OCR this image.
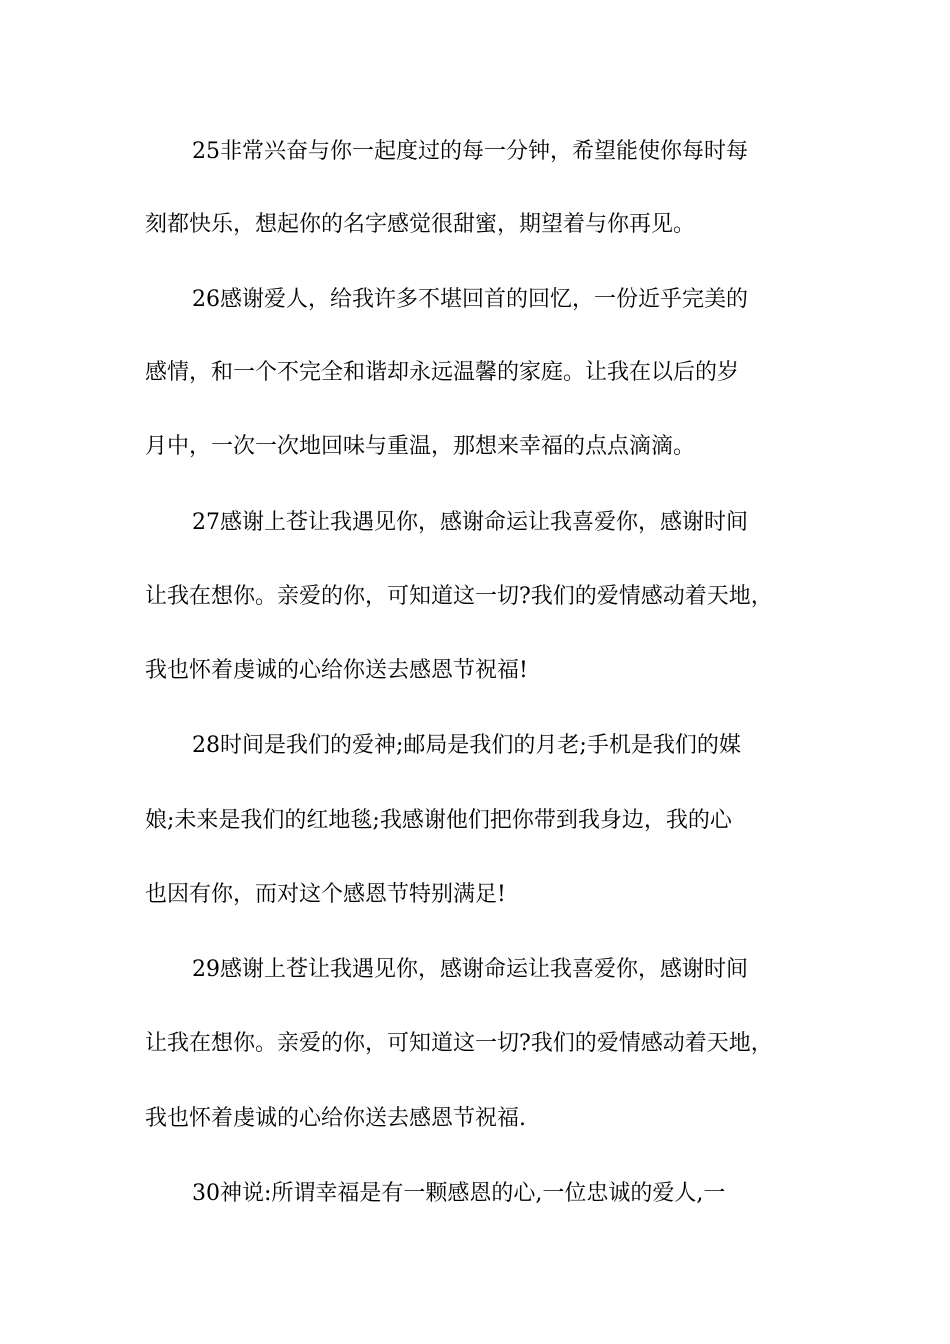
25非常兴奋与你一起度过的每一分钟，希望能使你每时每

刻都快乐，想起你的名字感觉很甜蜜，期望着与你再见。

26感谢爱人，给我许多不堪回首的回忆，一份近乎完美的

感情，和一个不完全和谐却永远温馨的家庭。让我在以后的岁

月中，一次一次地回味与重温，那想来幸福的点点滴滴。

27感谢上苍让我遇见你，感谢命运让我喜爱你，感谢时间

让我在想你。亲爱的你，可知道这一切?我们的爱情感动着天地，

我也怀着虔诚的心给你送去感恩节祝福!

28时间是我们的爱神;邮局是我们的月老;手机是我们的媒

娘;未来是我们的红地毯;我感谢他们把你带到我身边，我的心

也因有你，而对这个感恩节特别满足!

29感谢上苍让我遇见你，感谢命运让我喜爱你，感谢时间

让我在想你。亲爱的你，可知道这一切?我们的爱情感动着天地，

我也怀着虔诚的心给你送去感恩节祝福.

30神说:所谓幸福是有一颗感恩的心,一位忠诚的爱人,一
